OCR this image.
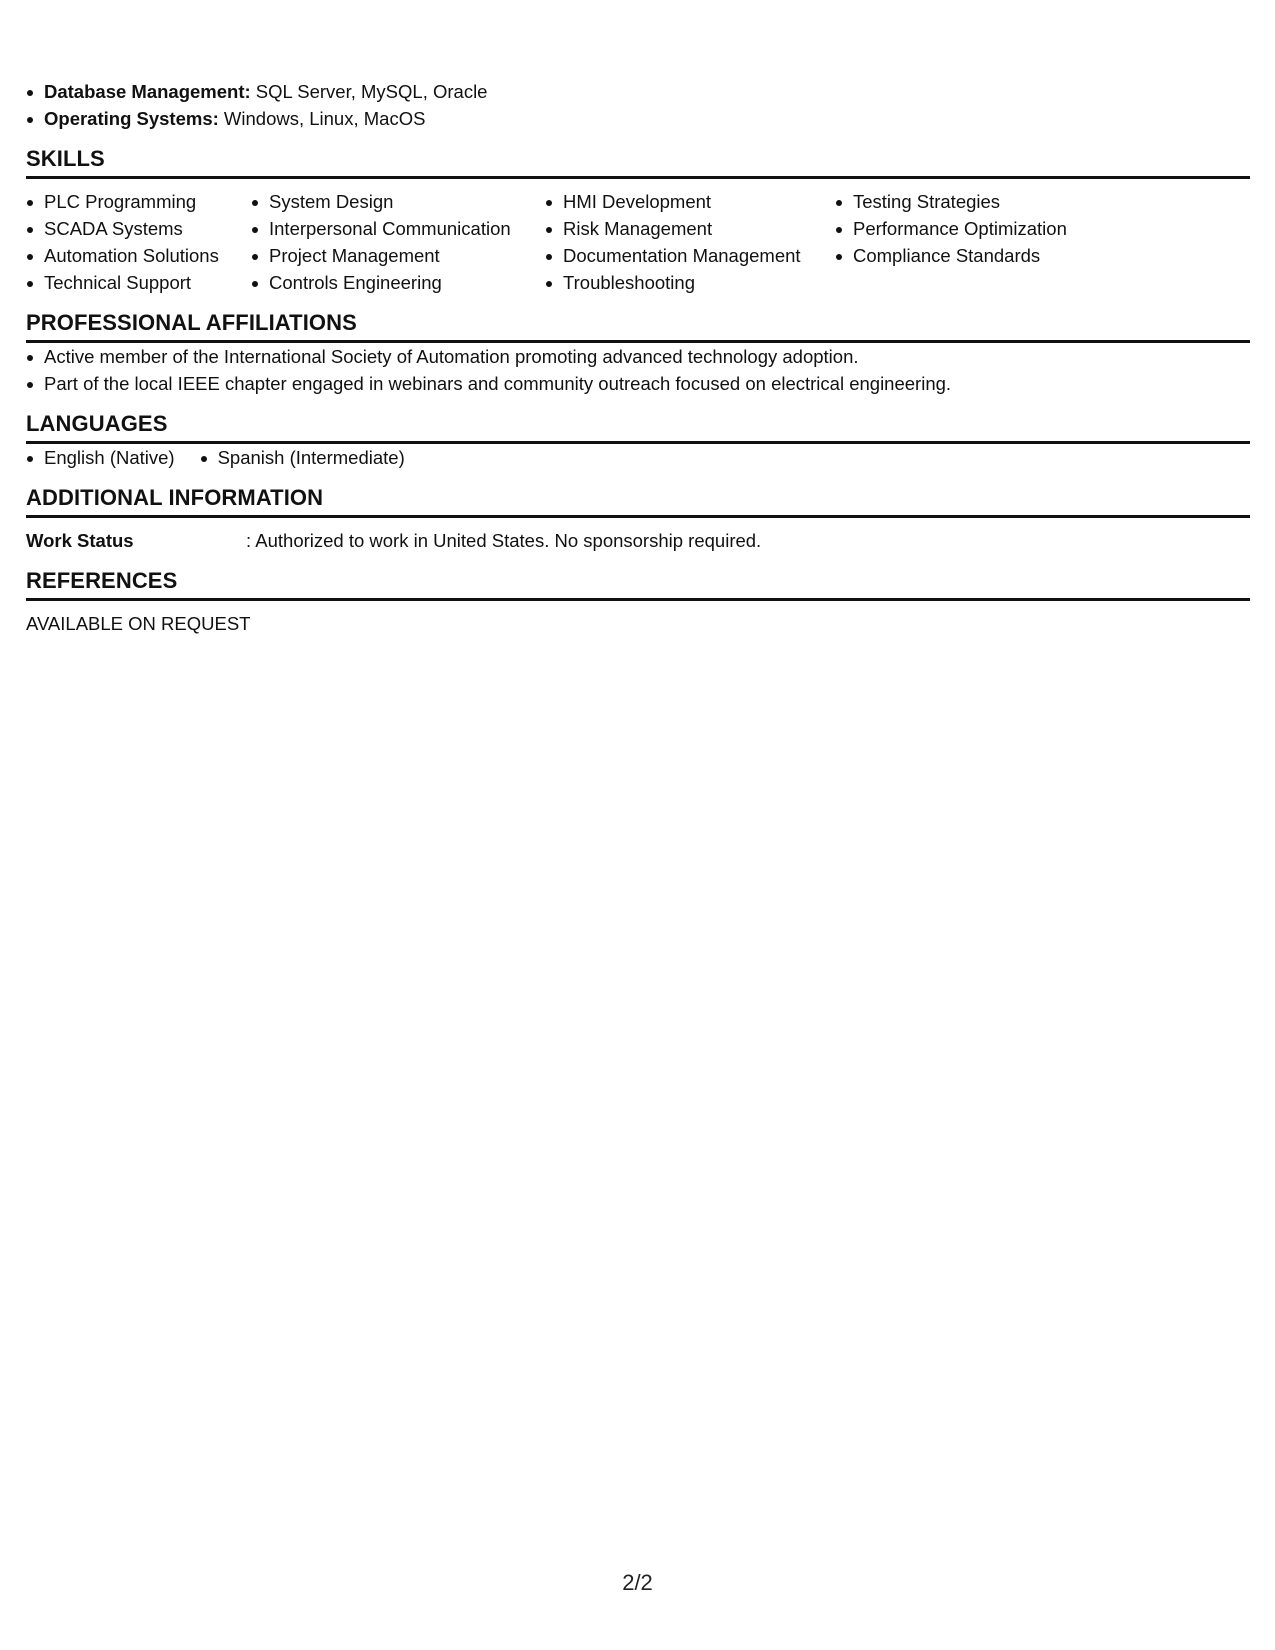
Database Management: SQL Server, MySQL, Oracle
Operating Systems: Windows, Linux, MacOS
SKILLS
PLC Programming
SCADA Systems
Automation Solutions
Technical Support
System Design
Interpersonal Communication
Project Management
Controls Engineering
HMI Development
Risk Management
Documentation Management
Troubleshooting
Testing Strategies
Performance Optimization
Compliance Standards
PROFESSIONAL AFFILIATIONS
Active member of the International Society of Automation promoting advanced technology adoption.
Part of the local IEEE chapter engaged in webinars and community outreach focused on electrical engineering.
LANGUAGES
English (Native)	Spanish (Intermediate)
ADDITIONAL INFORMATION
Work Status	: Authorized to work in United States. No sponsorship required.
REFERENCES
AVAILABLE ON REQUEST
2/2
